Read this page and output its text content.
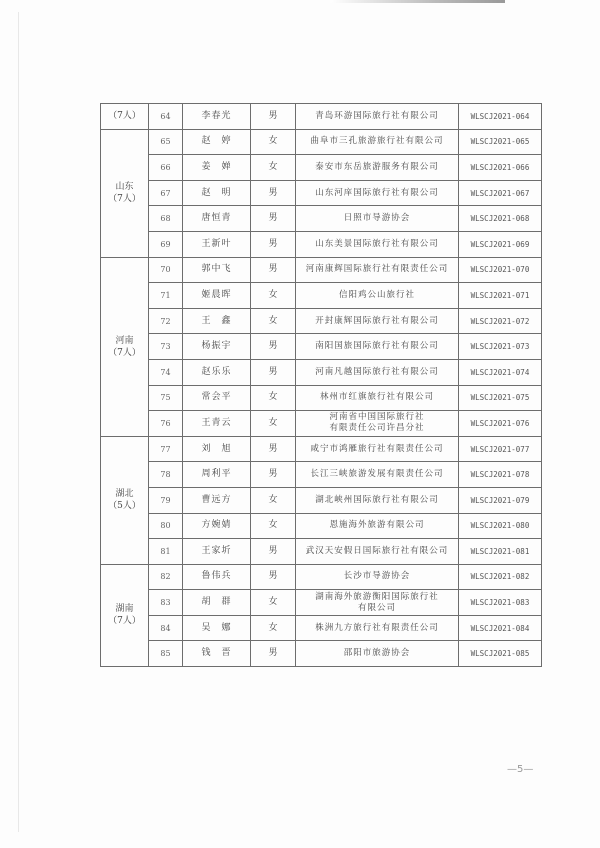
（7人）	64	李春光	男	青岛环游国际旅行社有限公司	WLSCJ2021-064

山东
（7人）	65	赵　婷	女	曲阜市三孔旅游旅行社有限公司	WLSCJ2021-065
	66	姜　婵	女	泰安市东岳旅游服务有限公司	WLSCJ2021-066
	67	赵　明	男	山东河庠国际旅行社有限公司	WLSCJ2021-067
	68	唐恒青	男	日照市导游协会	WLSCJ2021-068
	69	王新叶	男	山东美景国际旅行社有限公司	WLSCJ2021-069

河南
（7人）	70	郭中飞	男	河南康辉国际旅行社有限责任公司	WLSCJ2021-070
	71	姬晨晖	女	信阳鸡公山旅行社	WLSCJ2021-071
	72	王　鑫	女	开封康辉国际旅行社有限公司	WLSCJ2021-072
	73	杨振宇	男	南阳国旅国际旅行社有限公司	WLSCJ2021-073
	74	赵乐乐	男	河南凡越国际旅行社有限公司	WLSCJ2021-074
	75	常会平	女	林州市红旗旅行社有限公司	WLSCJ2021-075
	76	王青云	女	河南省中国国际旅行社
有限责任公司许昌分社	WLSCJ2021-076

湖北
（5人）	77	刘　旭	男	咸宁市鸿雁旅行社有限责任公司	WLSCJ2021-077
	78	周利平	男	长江三峡旅游发展有限责任公司	WLSCJ2021-078
	79	曹远方	女	湖北峡州国际旅行社有限公司	WLSCJ2021-079
	80	方婉婧	女	恩施海外旅游有限公司	WLSCJ2021-080
	81	王家圻	男	武汉天安假日国际旅行社有限公司	WLSCJ2021-081

湖南
（7人）	82	鲁伟兵	男	长沙市导游协会	WLSCJ2021-082
	83	胡　群	女	湖南海外旅游衡阳国际旅行社
有限公司	WLSCJ2021-083
	84	吴　娜	女	株洲九方旅行社有限责任公司	WLSCJ2021-084
	85	钱　晋	男	邵阳市旅游协会	WLSCJ2021-085
—5—
